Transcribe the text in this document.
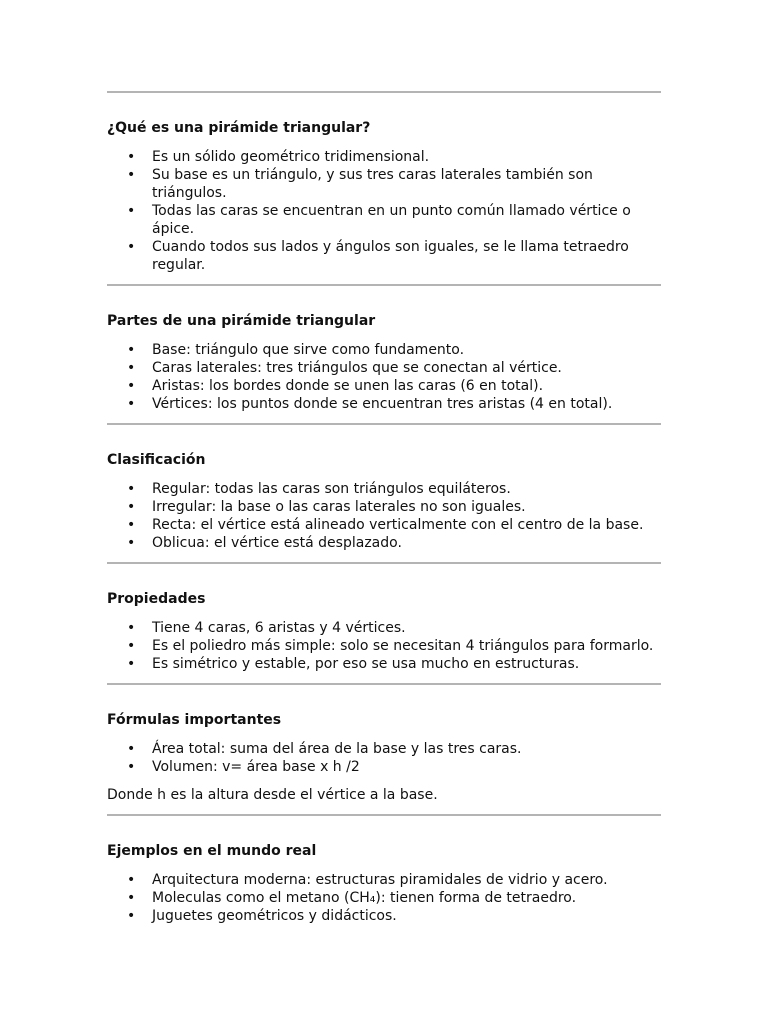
¿Qué es una pirámide triangular?
• Es un sólido geométrico tridimensional.
• Su base es un triángulo, y sus tres caras laterales también son triángulos.
• Todas las caras se encuentran en un punto común llamado vértice o ápice.
• Cuando todos sus lados y ángulos son iguales, se le llama tetraedro regular.
Partes de una pirámide triangular
• Base: triángulo que sirve como fundamento.
• Caras laterales: tres triángulos que se conectan al vértice.
• Aristas: los bordes donde se unen las caras (6 en total).
• Vértices: los puntos donde se encuentran tres aristas (4 en total).
Clasificación
• Regular: todas las caras son triángulos equiláteros.
• Irregular: la base o las caras laterales no son iguales.
• Recta: el vértice está alineado verticalmente con el centro de la base.
• Oblicua: el vértice está desplazado.
Propiedades
• Tiene 4 caras, 6 aristas y 4 vértices.
• Es el poliedro más simple: solo se necesitan 4 triángulos para formarlo.
• Es simétrico y estable, por eso se usa mucho en estructuras.
Fórmulas importantes
• Área total: suma del área de la base y las tres caras.
• Volumen: v= área base x h /2

Donde h es la altura desde el vértice a la base.

Ejemplos en el mundo real
• Arquitectura moderna: estructuras piramidales de vidrio y acero.
• Moleculas como el metano (CH₄): tienen forma de tetraedro.
• Juguetes geométricos y didácticos.
